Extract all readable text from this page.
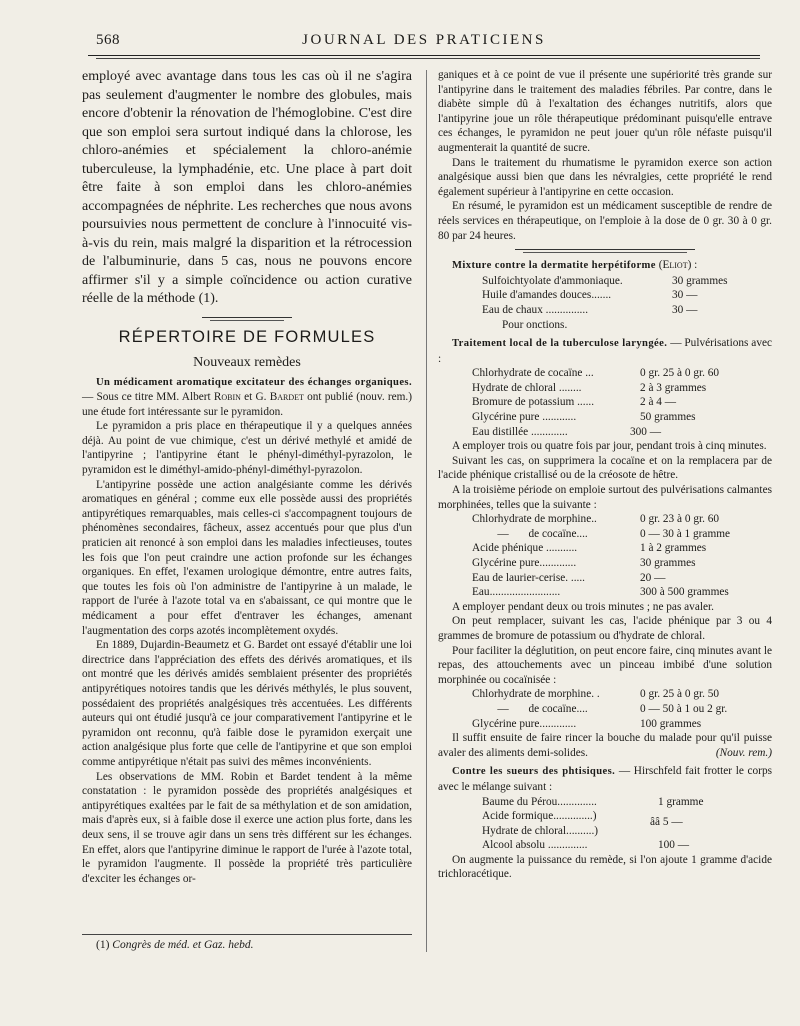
568	JOURNAL DES PRATICIENS

employé avec avantage dans tous les cas où il ne s'agira pas seulement d'augmenter le nombre des globules, mais encore d'obtenir la rénovation de l'hémoglobine. C'est dire que son emploi sera surtout indiqué dans la chlorose, les chloro-anémies et spécialement la chloro-anémie tuberculeuse, la lymphadénie, etc. Une place à part doit être faite à son emploi dans les chloro-anémies accompagnées de néphrite. Les recherches que nous avons poursuivies nous permettent de conclure à l'innocuité vis-à-vis du rein, mais malgré la disparition et la rétrocession de l'albuminurie, dans 5 cas, nous ne pouvons encore affirmer s'il y a simple coïncidence ou action curative réelle de la méthode (1).

RÉPERTOIRE DE FORMULES
Nouveaux remèdes

Un médicament aromatique excitateur des échanges organiques. — Sous ce titre MM. Albert Robin et G. Bardet ont publié (nouv. rem.) une étude fort intéressante sur le pyramidon.

Le pyramidon a pris place en thérapeutique il y a quelques années déjà. Au point de vue chimique, c'est un dérivé methylé et amidé de l'antipyrine ; l'antipyrine étant le phényl-diméthyl-pyrazolon, le pyramidon est le diméthyl-amido-phényl-diméthyl-pyrazolon.

L'antipyrine possède une action analgésiante comme les dérivés aromatiques en général ; comme eux elle possède aussi des propriétés antipyrétiques remarquables, mais celles-ci s'accompagnent toujours de phénomènes secondaires, fâcheux, assez accentués pour que plus d'un praticien ait renoncé à son emploi dans les maladies infectieuses, toutes les fois que l'on peut craindre une action profonde sur les échanges organiques. En effet, l'examen urologique démontre, entre autres faits, que toutes les fois où l'on administre de l'antipyrine à un malade, le rapport de l'urée à l'azote total va en s'abaissant, ce qui montre que le médicament a pour effet d'entraver les échanges, amenant l'augmentation des corps azotés incomplètement oxydés.

En 1889, Dujardin-Beaumetz et G. Bardet ont essayé d'établir une loi directrice dans l'appréciation des effets des dérivés aromatiques, et ils ont montré que les dérivés amidés semblaient présenter des propriétés antipyrétiques notoires tandis que les dérivés méthylés, le plus souvent, possédaient des propriétés analgésiques très accentuées. Les différents auteurs qui ont étudié jusqu'à ce jour comparativement l'antipyrine et le pyramidon ont reconnu, qu'à faible dose le pyramidon exerçait une action analgésique plus forte que celle de l'antipyrine et que son emploi comme antipyrétique n'était pas suivi des mêmes inconvénients.

Les observations de MM. Robin et Bardet tendent à la même constatation : le pyramidon possède des propriétés analgésiques et antipyrétiques exaltées par le fait de sa méthylation et de son amidation, mais d'après eux, si à faible dose il exerce une action plus forte, dans les deux sens, il se trouve agir dans un sens très différent sur les échanges. En effet, alors que l'antipyrine diminue le rapport de l'urée à l'azote total, le pyramidon l'augmente. Il possède la propriété très particulière d'exciter les échanges or-

(1) Congrès de méd. et Gaz. hebd.

ganiques et à ce point de vue il présente une supériorité très grande sur l'antipyrine dans le traitement des maladies fébriles. Par contre, dans le diabète simple dû à l'exaltation des échanges nutritifs, alors que l'antipyrine joue un rôle thérapeutique prédominant puisqu'elle entrave ces échanges, le pyramidon ne peut jouer qu'un rôle néfaste puisqu'il augmenterait la quantité de sucre.

Dans le traitement du rhumatisme le pyramidon exerce son action analgésique aussi bien que dans les névralgies, cette propriété le rend également supérieur à l'antipyrine en cette occasion.

En résumé, le pyramidon est un médicament susceptible de rendre de réels services en thérapeutique, on l'emploie à la dose de 0 gr. 30 à 0 gr. 80 par 24 heures.

Mixture contre la dermatite herpétiforme (Eliot) :

Sulfoichtyolate d'ammoniaque.	30 grammes
Huile d'amandes douces.......	30 —
Eau de chaux ...............	30 —
Pour onctions.

Traitement local de la tuberculose laryngée. — Pulvérisations avec :

Chlorhydrate de cocaïne ...	0 gr. 25 à 0 gr. 60
Hydrate de chloral ........	2 à 3 grammes
Bromure de potassium ......	2 à 4 —
Glycérine pure ............	50 grammes
Eau distillée .............	300 —

A employer trois ou quatre fois par jour, pendant trois à cinq minutes.

Suivant les cas, on supprimera la cocaïne et on la remplacera par de l'acide phénique cristallisé ou de la créosote de hêtre.

A la troisième période on emploie surtout des pulvérisations calmantes morphinées, telles que la suivante :

Chlorhydrate de morphine..	0 gr. 23 à 0 gr. 60
—       de cocaïne....	0 — 30 à 1 gramme
Acide phénique ...........	1 à 2 grammes
Glycérine pure.............	30 grammes
Eau de laurier-cerise. .....	20 —
Eau.........................	300 à 500 grammes

A employer pendant deux ou trois minutes ; ne pas avaler.

On peut remplacer, suivant les cas, l'acide phénique par 3 ou 4 grammes de bromure de potassium ou d'hydrate de chloral.

Pour faciliter la déglutition, on peut encore faire, cinq minutes avant le repas, des attouchements avec un pinceau imbibé d'une solution morphinée ou cocaïnisée :

Chlorhydrate de morphine. .	0 gr. 25 à 0 gr. 50
—       de cocaïne....	0 — 50 à 1 ou 2 gr.
Glycérine pure.............	100 grammes

Il suffit ensuite de faire rincer la bouche du malade pour qu'il puisse avaler des aliments demi-solides.	(Nouv. rem.)

Contre les sueurs des phtisiques. — Hirschfeld fait frotter le corps avec le mélange suivant :

Baume du Pérou..............	1 gramme
Acide formique..............)
Hydrate de chloral..........)
ââ 5 —
Alcool absolu ..............	100 —

On augmente la puissance du remède, si l'on ajoute 1 gramme d'acide trichloracétique.
